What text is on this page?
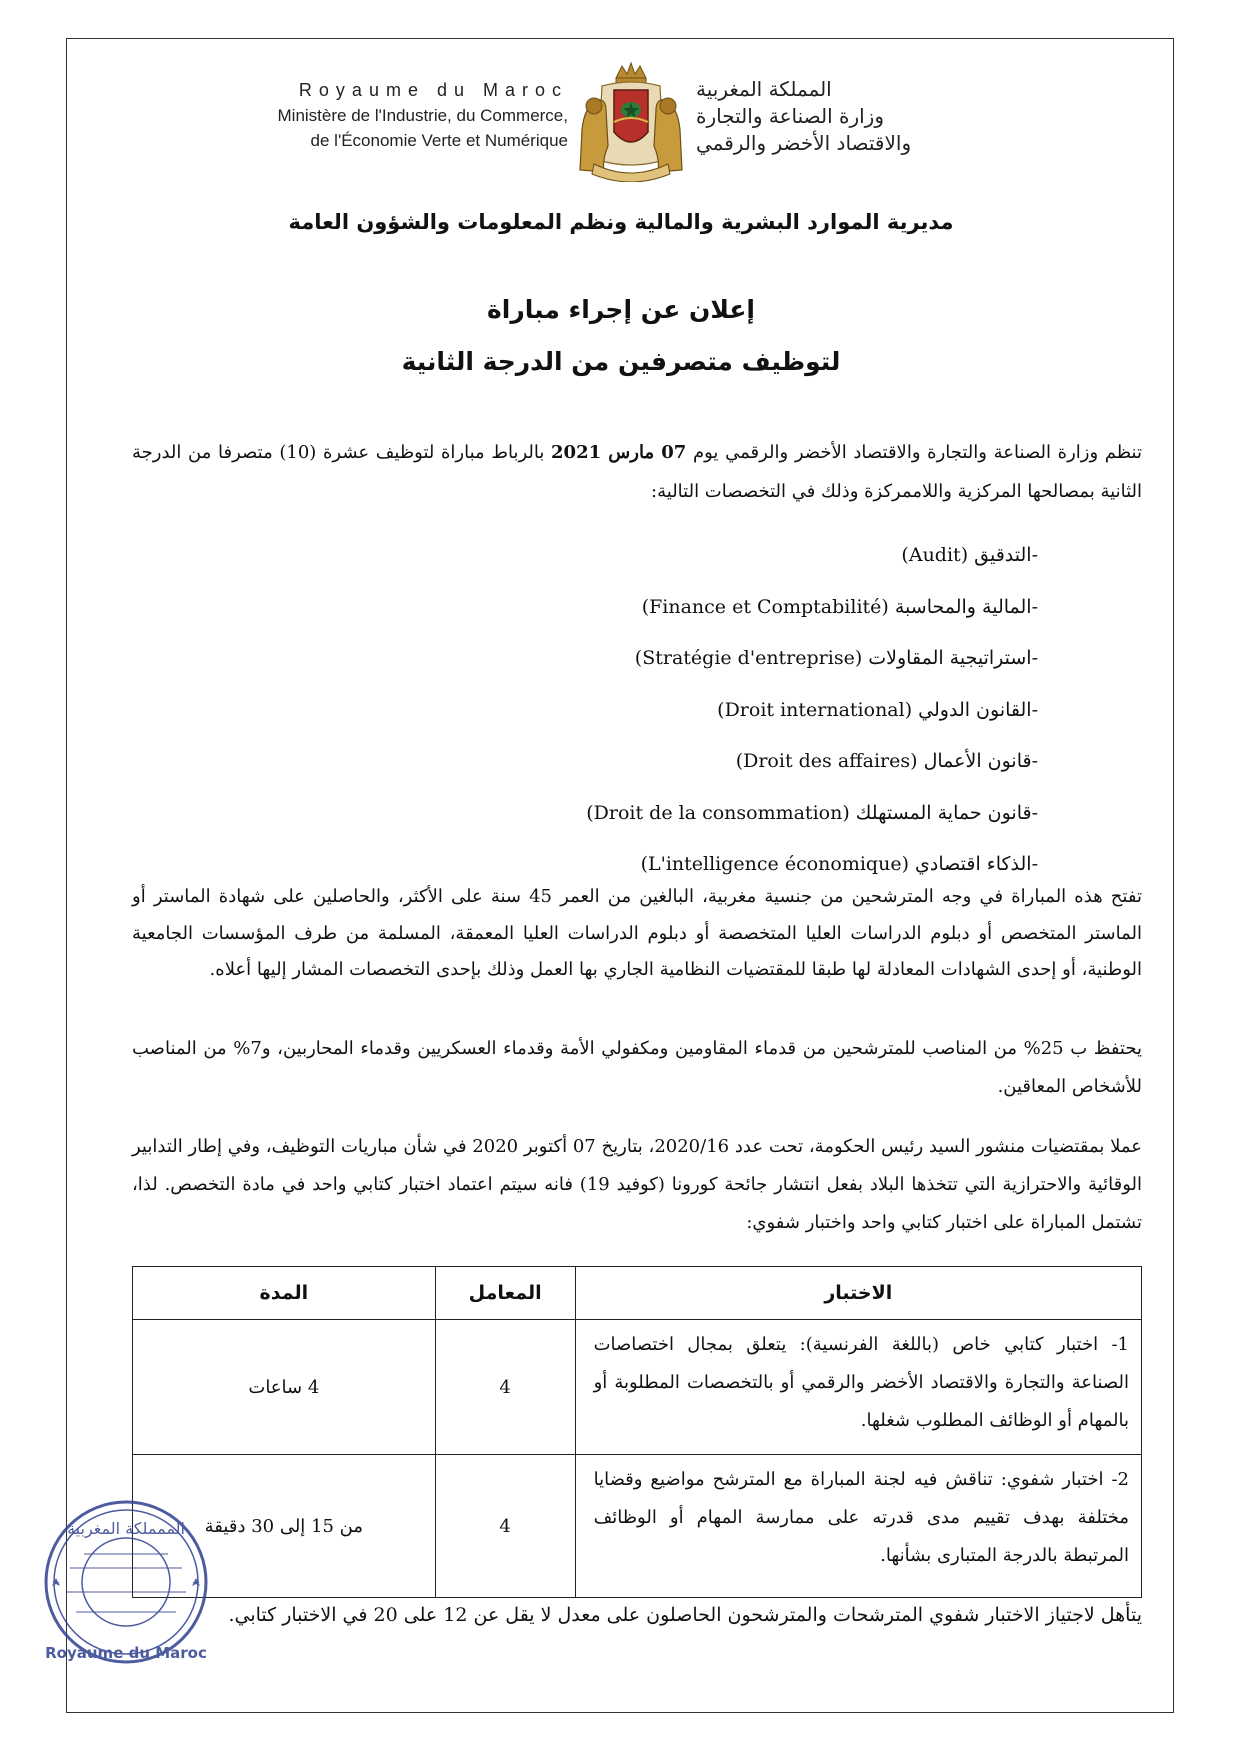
Royaume du Maroc
Ministère de l'Industrie, du Commerce,
de l'Économie Verte et Numérique
المملكة المغربية
وزارة الصناعة والتجارة
والاقتصاد الأخضر والرقمي
مديرية الموارد البشرية والمالية ونظم المعلومات والشؤون العامة
إعلان عن إجراء مباراة
لتوظيف متصرفين من الدرجة الثانية
تنظم وزارة الصناعة والتجارة والاقتصاد الأخضر والرقمي يوم 07 مارس 2021 بالرباط مباراة لتوظيف عشرة (10) متصرفا من الدرجة الثانية بمصالحها المركزية واللاممركزة وذلك في التخصصات التالية:
-التدقيق (Audit)
-المالية والمحاسبة (Finance et Comptabilité)
-استراتيجية المقاولات (Stratégie d'entreprise)
-القانون الدولي (Droit international)
-قانون الأعمال (Droit des affaires)
-قانون حماية المستهلك (Droit de la consommation)
-الذكاء اقتصادي (L'intelligence économique)
تفتح هذه المباراة في وجه المترشحين من جنسية مغربية، البالغين من العمر 45 سنة على الأكثر، والحاصلين على شهادة الماستر أو الماستر المتخصص أو دبلوم الدراسات العليا المتخصصة أو دبلوم الدراسات العليا المعمقة، المسلمة من طرف المؤسسات الجامعية الوطنية، أو إحدى الشهادات المعادلة لها طبقا للمقتضيات النظامية الجاري بها العمل وذلك بإحدى التخصصات المشار إليها أعلاه.
يحتفظ ب 25% من المناصب للمترشحين من قدماء المقاومين ومكفولي الأمة وقدماء العسكريين وقدماء المحاربين، و7% من المناصب للأشخاص المعاقين.
عملا بمقتضيات منشور السيد رئيس الحكومة، تحت عدد 2020/16، بتاريخ 07 أكتوبر 2020 في شأن مباريات التوظيف، وفي إطار التدابير الوقائية والاحترازية التي تتخذها البلاد بفعل انتشار جائحة كورونا (كوفيد 19) فانه سيتم اعتماد اختبار كتابي واحد في مادة التخصص. لذا، تشتمل المباراة على اختبار كتابي واحد واختبار شفوي:
الاختبار	المعامل	المدة
1- اختبار كتابي خاص (باللغة الفرنسية): يتعلق بمجال اختصاصات الصناعة والتجارة والاقتصاد الأخضر والرقمي أو بالتخصصات المطلوبة أو بالمهام أو الوظائف المطلوب شغلها.	4	4 ساعات
2- اختبار شفوي: تناقش فيه لجنة المباراة مع المترشح مواضيع وقضايا مختلفة بهدف تقييم مدى قدرته على ممارسة المهام أو الوظائف المرتبطة بالدرجة المتبارى بشأنها.	4	من 15 إلى 30 دقيقة
يتأهل لاجتياز الاختبار شفوي المترشحات والمترشحون الحاصلون على معدل لا يقل عن 12 على 20 في الاختبار كتابي.
الممملكة المغربية
Royaume du Maroc
